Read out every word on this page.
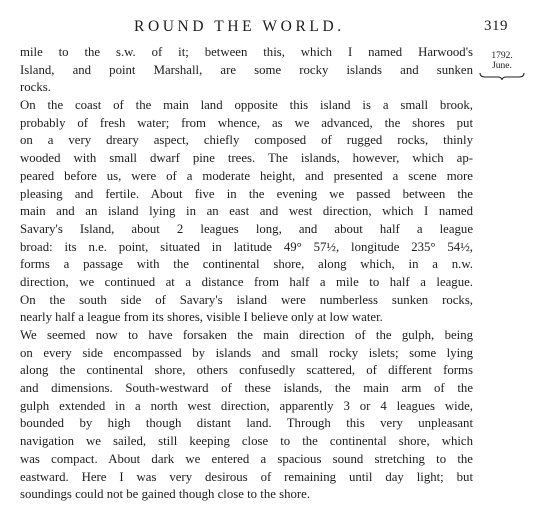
ROUND THE WORLD.	319
1792.
June.
mile to the s.w. of it; between this, which I named Harwood's
Island, and point Marshall, are some rocky islands and sunken
rocks.
On the coast of the main land opposite this island is a small brook,
probably of fresh water; from whence, as we advanced, the shores put
on a very dreary aspect, chiefly composed of rugged rocks, thinly
wooded with small dwarf pine trees. The islands, however, which ap-
peared before us, were of a moderate height, and presented a scene more
pleasing and fertile. About five in the evening we passed between the
main and an island lying in an east and west direction, which I named
Savary's Island, about 2 leagues long, and about half a league
broad: its n.e. point, situated in latitude 49° 57½, longitude 235° 54½,
forms a passage with the continental shore, along which, in a n.w.
direction, we continued at a distance from half a mile to half a league.
On the south side of Savary's island were numberless sunken rocks,
nearly half a league from its shores, visible I believe only at low water.
We seemed now to have forsaken the main direction of the gulph, being
on every side encompassed by islands and small rocky islets; some lying
along the continental shore, others confusedly scattered, of different forms
and dimensions. South-westward of these islands, the main arm of the
gulph extended in a north west direction, apparently 3 or 4 leagues wide,
bounded by high though distant land. Through this very unpleasant
navigation we sailed, still keeping close to the continental shore, which
was compact. About dark we entered a spacious sound stretching to the
eastward. Here I was very desirous of remaining until day light; but
soundings could not be gained though close to the shore.
